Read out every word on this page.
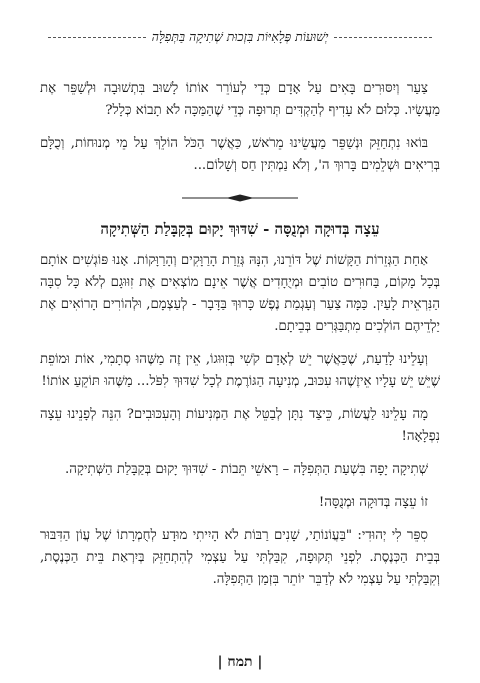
יְשׁוּעוֹת פְּלָאִיּוֹת בִּזְכוּת שְׁתִיקָה בַּתְּפִלָּה

צַעַר וְיִסּוּרִים בָּאִים עַל אָדָם כְּדֵי לְעוֹרֵר אוֹתוֹ לָשׁוּב בִּתְשׁוּבָה וּלְשַׁפֵּר אֶת מַעֲשָׂיו. כְּלוּם לֹא עָדִיף לְהַקְדִּים תְּרוּפָה כְּדֵי שֶׁהַמַּכָּה לֹא תָבוֹא כְּלָל?

בּוֹאוּ נִתְחַזֵּק וּנְשַׁפֵּר מַעֲשֵׂינוּ מֵרֹאשׁ, כַּאֲשֶׁר הַכֹּל הוֹלֵךְ עַל מֵי מְנוּחוֹת, וְכֻלָּם בְּרִיאִים וּשְׁלֵמִים בָּרוּךְ ה', וְלֹא נַמְתִּין חַס וְשָׁלוֹם...

עֵצָה בְּדוּקָה וּמְנֻסָּה - שִׁדּוּךְ יָקוּם בְּקַבָּלַת הַשְּׁתִיקָה

אַחַת הַגְּזֵרוֹת הַקָּשׁוֹת שֶׁל דּוֹרֵנוּ, הִנָּהּ גְּזֵרַת הָרַוָּקִים וְהָרַוָּקוֹת. אָנוּ פּוֹגְשִׁים אוֹתָם בְּכָל מָקוֹם, בַּחוּרִים טוֹבִים וּמְיֻחָדִים אֲשֶׁר אֵינָם מוֹצְאִים אֶת זִוּוּגָם לְלֹא כָּל סִבָּה הַנִּרְאֵית לָעַיִן. כַּמָּה צַעַר וְעָגְמַת נֶפֶשׁ כָּרוּךְ בַּדָּבָר - לְעַצְמָם, וּלְהוֹרִים הָרוֹאִים אֶת יַלְדֵיהֶם הוֹלְכִים מִתְבַּגְּרִים בְּבֵיתָם.

וְעָלֵינוּ לָדַעַת, שֶׁכַּאֲשֶׁר יֵשׁ לְאָדָם קֹשִׁי בְּזִוּוּגוֹ, אֵין זֶה מַשֶּׁהוּ סְתָמִי, אוֹת וּמוֹפֵת שֶׁיֵּשׁ יֵשׁ עָלָיו אֵיזֶשֶׁהוּ עִכּוּב, מְנִיעָה הַגּוֹרֶמֶת לְכָל שִׁדּוּךְ לִפֹּל... מַשֶּׁהוּ תּוֹקֵעַ אוֹתוֹ!

מָה עָלֵינוּ לַעֲשׂוֹת, כֵּיצַד נִתָּן לְבַטֵּל אֶת הַמְּנִיעוֹת וְהָעִכּוּבִים? הִנֵּה לְפָנֵינוּ עֵצָה נִפְלָאָה!

שְׁתִיקָה יָפָה בִּשְׁעַת הַתְּפִלָּה – רָאשֵׁי תֵּבוֹת - שִׁדּוּךְ יָקוּם בְּקַבָּלַת הַשְּׁתִיקָה.

זוֹ עֵצָה בְּדוּקָה וּמְנֻסָּה!

סִפֵּר לִי יְהוּדִי: "בַּעֲוֹנוֹתַי, שָׁנִים רַבּוֹת לֹא הָיִיתִי מוּדָע לְחֻמְרָתוֹ שֶׁל עֲוֹן הַדִּבּוּר בְּבֵית הַכְּנֶסֶת. לִפְנֵי תְּקוּפָה, קִבַּלְתִּי עַל עַצְמִי לְהִתְחַזֵּק בְּיִרְאַת בֵּית הַכְּנֶסֶת, וְקִבַּלְתִּי עַל עַצְמִי לֹא לְדַבֵּר יוֹתֵר בִּזְמַן הַתְּפִלָּה.

| תמח |
